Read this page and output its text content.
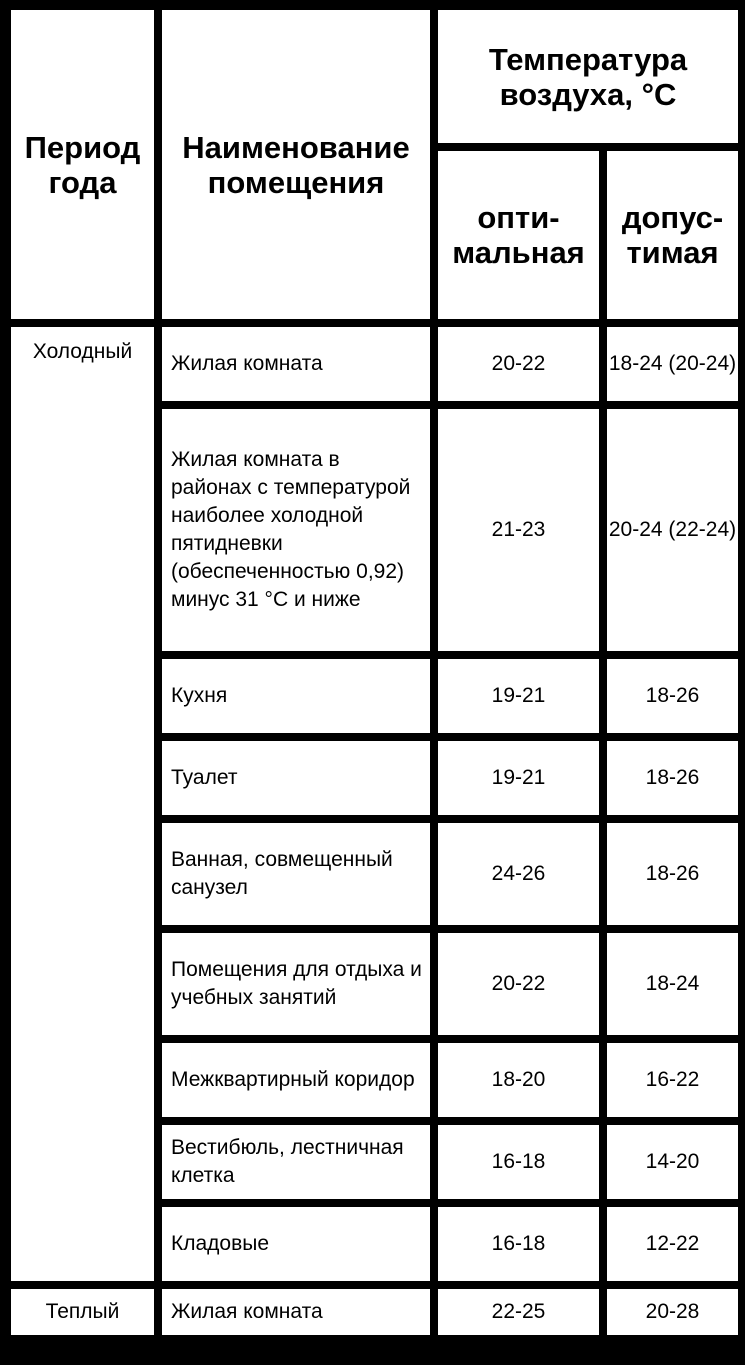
Период года	Наименование помещения	Температура воздуха, °С	
		опти-мальная	допус-тимая
Холодный	Жилая комната	20-22	18-24 (20-24)
	Жилая комната в районах с температурой наиболее холодной пятидневки (обеспеченностью 0,92) минус 31 °С и ниже	21-23	20-24 (22-24)
	Кухня	19-21	18-26
	Туалет	19-21	18-26
	Ванная, совмещенный санузел	24-26	18-26
	Помещения для отдыха и учебных занятий	20-22	18-24
	Межквартирный коридор	18-20	16-22
	Вестибюль, лестничная клетка	16-18	14-20
	Кладовые	16-18	12-22
Теплый	Жилая комната	22-25	20-28
